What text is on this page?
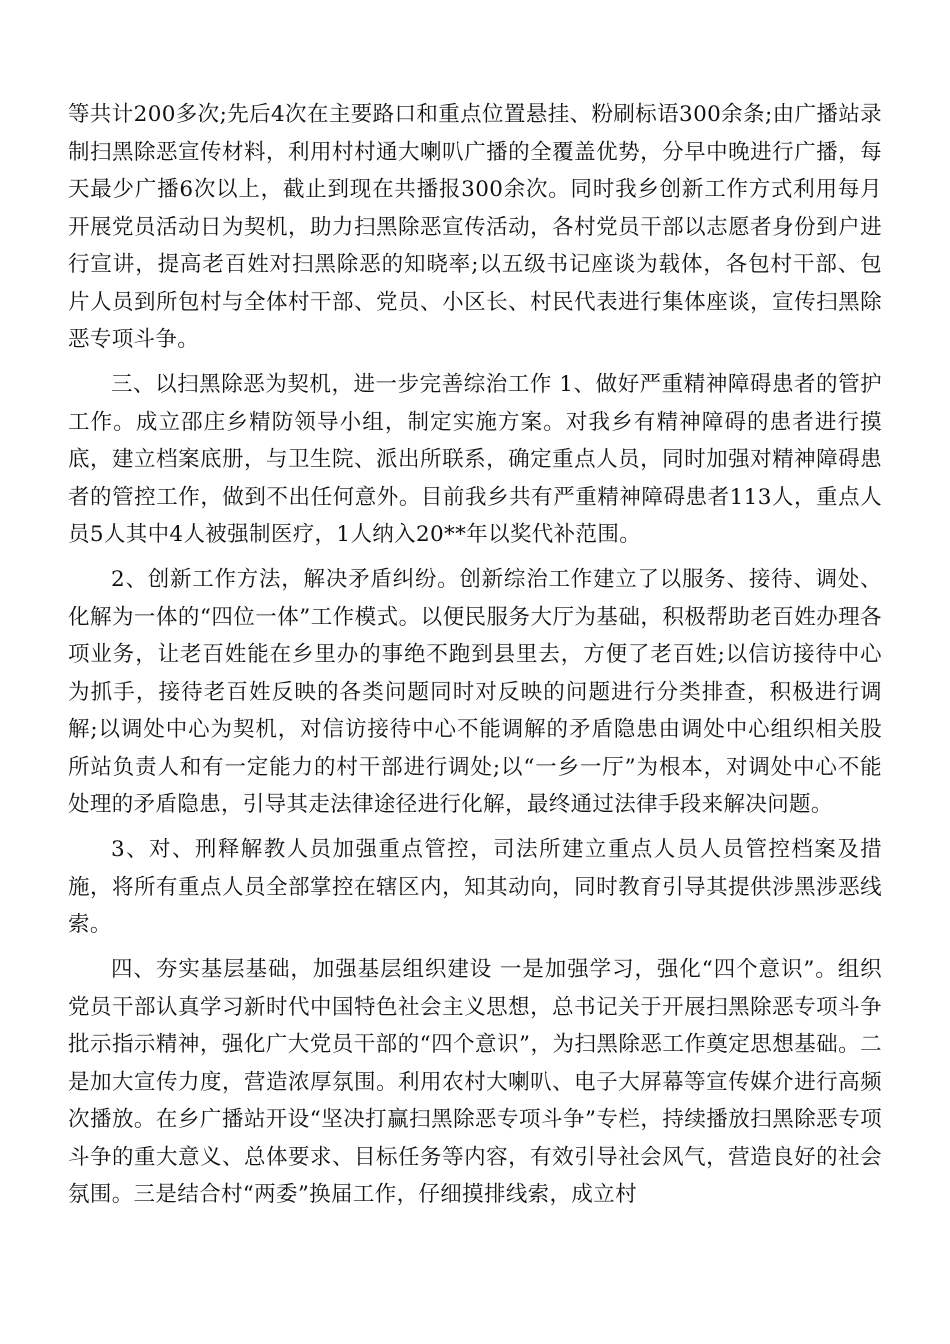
等共计200多次;先后4次在主要路口和重点位置悬挂、粉刷标语300余条;由广播站录制扫黑除恶宣传材料，利用村村通大喇叭广播的全覆盖优势，分早中晚进行广播，每天最少广播6次以上，截止到现在共播报300余次。同时我乡创新工作方式利用每月开展党员活动日为契机，助力扫黑除恶宣传活动，各村党员干部以志愿者身份到户进行宣讲，提高老百姓对扫黑除恶的知晓率;以五级书记座谈为载体，各包村干部、包片人员到所包村与全体村干部、党员、小区长、村民代表进行集体座谈，宣传扫黑除恶专项斗争。

三、以扫黑除恶为契机，进一步完善综治工作 1、做好严重精神障碍患者的管护工作。成立邵庄乡精防领导小组，制定实施方案。对我乡有精神障碍的患者进行摸底，建立档案底册，与卫生院、派出所联系，确定重点人员，同时加强对精神障碍患者的管控工作，做到不出任何意外。目前我乡共有严重精神障碍患者113人，重点人员5人其中4人被强制医疗，1人纳入20**年以奖代补范围。

2、创新工作方法，解决矛盾纠纷。创新综治工作建立了以服务、接待、调处、化解为一体的“四位一体”工作模式。以便民服务大厅为基础，积极帮助老百姓办理各项业务，让老百姓能在乡里办的事绝不跑到县里去，方便了老百姓;以信访接待中心为抓手，接待老百姓反映的各类问题同时对反映的问题进行分类排查，积极进行调解;以调处中心为契机，对信访接待中心不能调解的矛盾隐患由调处中心组织相关股所站负责人和有一定能力的村干部进行调处;以“一乡一厅”为根本，对调处中心不能处理的矛盾隐患，引导其走法律途径进行化解，最终通过法律手段来解决问题。

3、对、刑释解教人员加强重点管控，司法所建立重点人员人员管控档案及措施，将所有重点人员全部掌控在辖区内，知其动向，同时教育引导其提供涉黑涉恶线索。

四、夯实基层基础，加强基层组织建设 一是加强学习，强化“四个意识”。组织党员干部认真学习新时代中国特色社会主义思想，总书记关于开展扫黑除恶专项斗争批示指示精神，强化广大党员干部的“四个意识”，为扫黑除恶工作奠定思想基础。二是加大宣传力度，营造浓厚氛围。利用农村大喇叭、电子大屏幕等宣传媒介进行高频次播放。在乡广播站开设“坚决打赢扫黑除恶专项斗争”专栏，持续播放扫黑除恶专项斗争的重大意义、总体要求、目标任务等内容，有效引导社会风气，营造良好的社会氛围。三是结合村“两委”换届工作，仔细摸排线索，成立村
